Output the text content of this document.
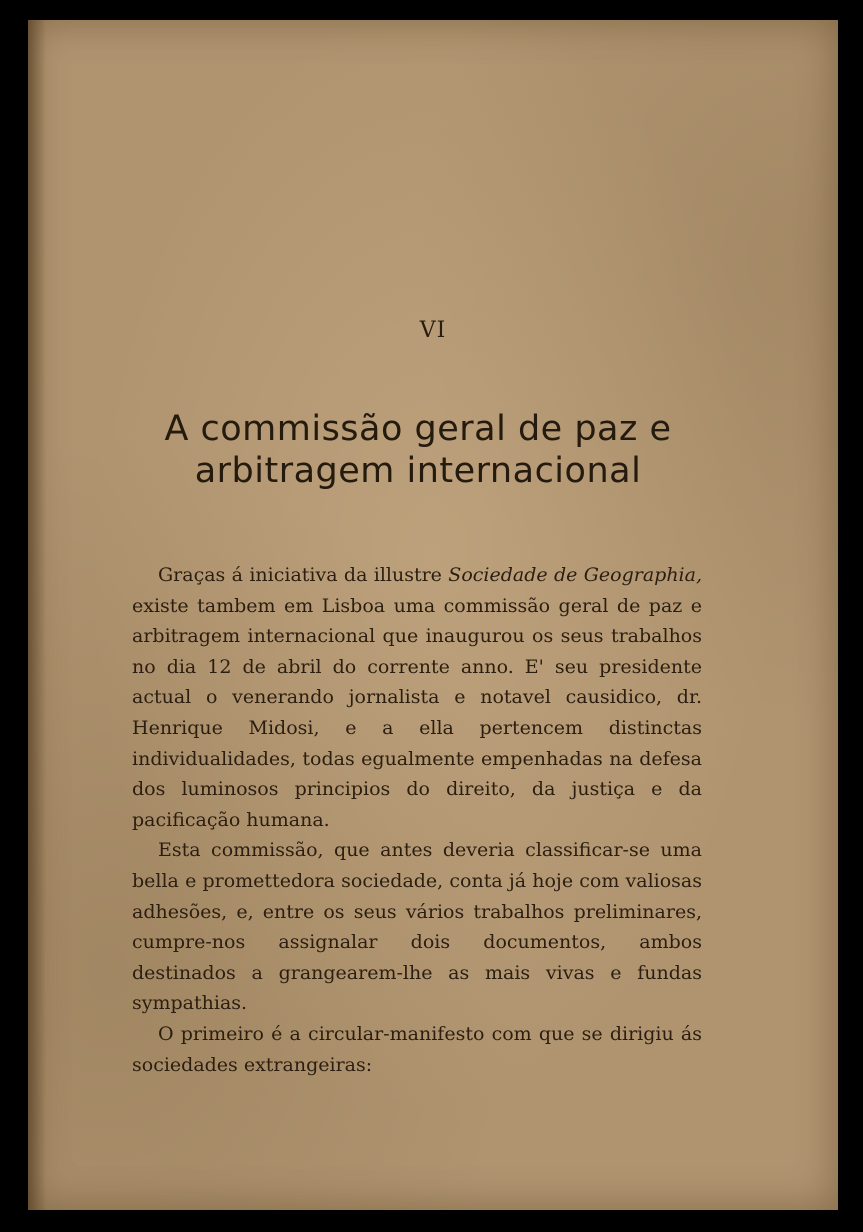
VI
A commissão geral de paz e
arbitragem internacional

Graças á iniciativa da illustre Sociedade de Geographia, existe tambem em Lisboa uma commissão geral de paz e arbitragem internacional que inaugurou os seus trabalhos no dia 12 de abril do corrente anno. E' seu presidente actual o venerando jornalista e notavel causidico, dr. Henrique Midosi, e a ella pertencem distinctas individualidades, todas egualmente empenhadas na defesa dos luminosos principios do direito, da justiça e da pacificação humana.

Esta commissão, que antes deveria classificar-se uma bella e promettedora sociedade, conta já hoje com valiosas adhesões, e, entre os seus vários trabalhos preliminares, cumpre-nos assignalar dois documentos, ambos destinados a grangearem-lhe as mais vivas e fundas sympathias.

O primeiro é a circular-manifesto com que se dirigiu ás sociedades extrangeiras:
